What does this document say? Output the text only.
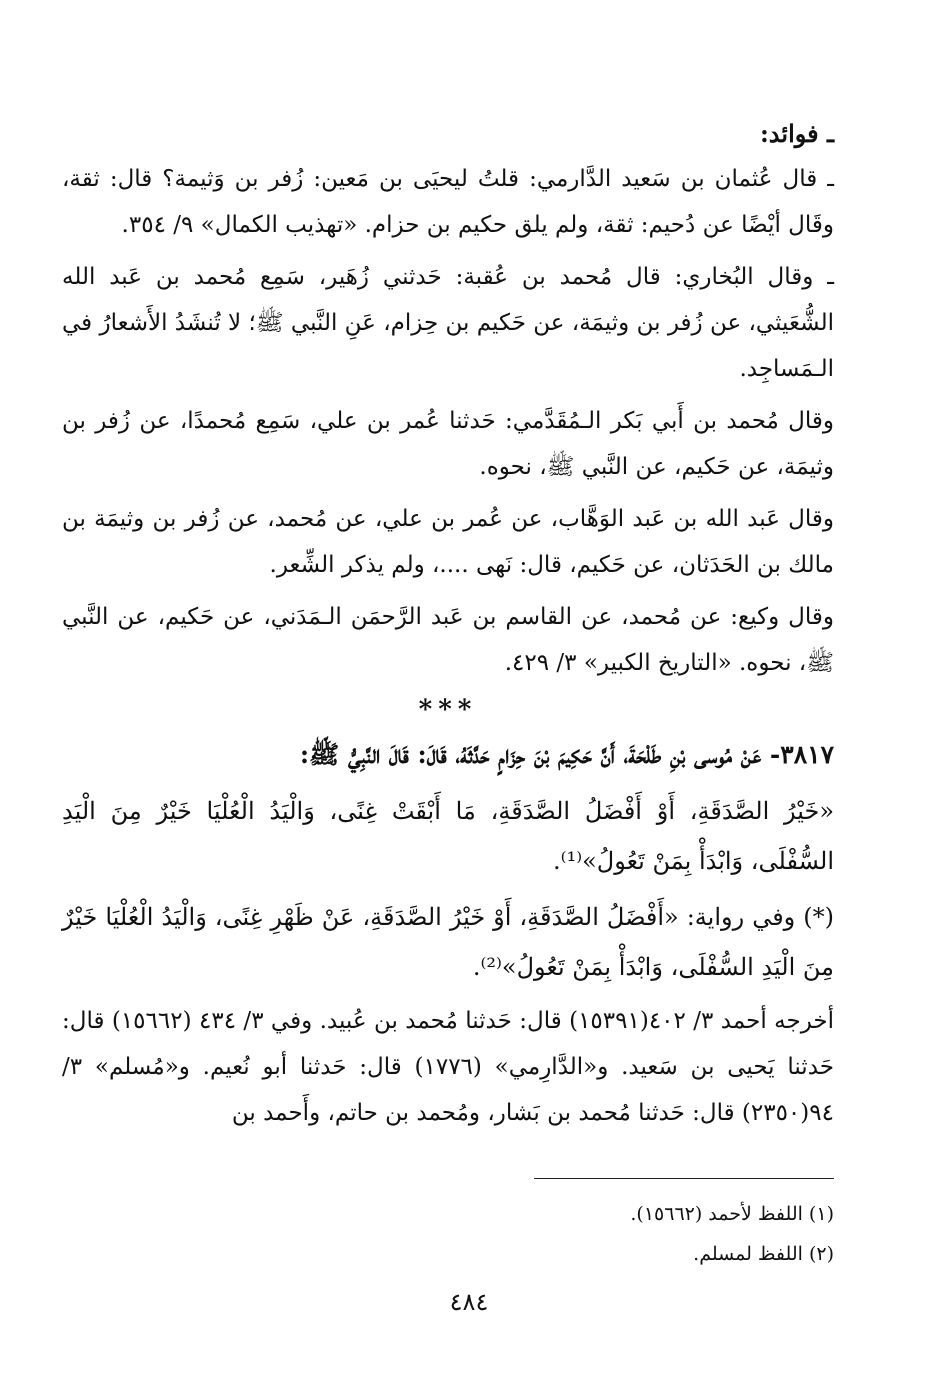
ـ فوائد:

ـ قال عُثمان بن سَعيد الدَّارمي: قلتُ ليحيَى بن مَعين: زُفر بن وَثيمة؟ قال: ثقة، وقَال أيْضًا عن دُحيم: ثقة، ولم يلق حكيم بن حزام. «تهذيب الكمال» ٩/ ٣٥٤.

ـ وقال البُخاري: قال مُحمد بن عُقبة: حَدثني زُهَير، سَمِع مُحمد بن عَبد الله الشُّعَيثي، عن زُفر بن وثيمَة، عن حَكيم بن حِزام، عَنِ النَّبي ﷺ؛ لا تُنشَدُ الأَشعارُ في الـمَساجِد.

وقال مُحمد بن أَبي بَكر الـمُقَدَّمي: حَدثنا عُمر بن علي، سَمِع مُحمدًا، عن زُفر بن وثيمَة، عن حَكيم، عن النَّبي ﷺ، نحوه.

وقال عَبد الله بن عَبد الوَهَّاب، عن عُمر بن علي، عن مُحمد، عن زُفر بن وثيمَة بن مالك بن الحَدَثان، عن حَكيم، قال: نَهى ....، ولم يذكر الشِّعر.

وقال وكيع: عن مُحمد، عن القاسم بن عَبد الرَّحمَن الـمَدَني، عن حَكيم، عن النَّبي ﷺ، نحوه. «التاريخ الكبير» ٣/ ٤٢٩.

***

٣٨١٧- عَنْ مُوسى بْنِ طَلْحَةَ، أَنَّ حَكِيمَ بْنَ حِزَامٍ حَدَّثَهُ، قَالَ: قَالَ النَّبِيُّ ﷺ:

«خَيْرُ الصَّدَقَةِ، أَوْ أَفْضَلُ الصَّدَقَةِ، مَا أَبْقَتْ غِنًى، وَالْيَدُ الْعُلْيَا خَيْرٌ مِنَ الْيَدِ السُّفْلَى، وَابْدَأْ بِمَنْ تَعُولُ»⁽¹⁾.

(*) وفي رواية: «أَفْضَلُ الصَّدَقَةِ، أَوْ خَيْرُ الصَّدَقَةِ، عَنْ ظَهْرِ غِنًى، وَالْيَدُ الْعُلْيَا خَيْرٌ مِنَ الْيَدِ السُّفْلَى، وَابْدَأْ بِمَنْ تَعُولُ»⁽²⁾.

أخرجه أحمد ٣/ ٤٠٢(١٥٣٩١) قال: حَدثنا مُحمد بن عُبيد. وفي ٣/ ٤٣٤ (١٥٦٦٢) قال: حَدثنا يَحيى بن سَعيد. و«الدَّارِمي» (١٧٧٦) قال: حَدثنا أبو نُعيم. و«مُسلم» ٣/ ٩٤(٢٣٥٠) قال: حَدثنا مُحمد بن بَشار، ومُحمد بن حاتم، وأَحمد بن

(١) اللفظ لأحمد (١٥٦٦٢).

(٢) اللفظ لمسلم.

٤٨٤
